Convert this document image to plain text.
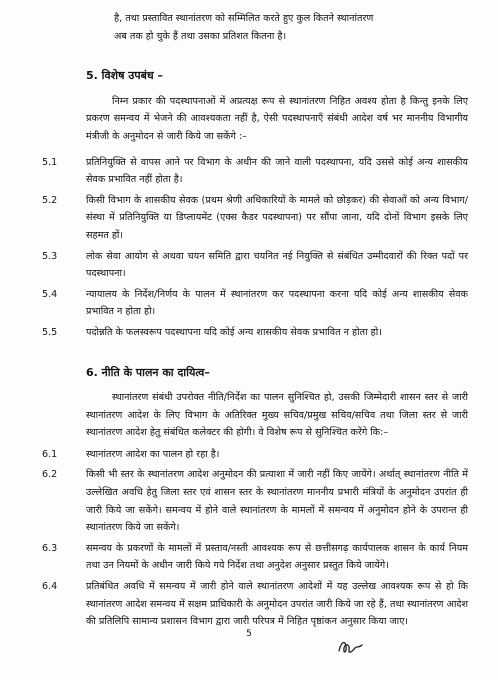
है, तथा प्रस्तावित स्थानांतरण को सम्मिलित करते हुए कुल कितने स्थानांतरण

अब तक हो चुके हैं तथा उसका प्रतिशत कितना है।

5. विशेष उपबंध –

निम्न प्रकार की पदस्थापनाओं में अप्रत्यक्ष रूप से स्थानांतरण निहित अवश्य होता है किन्तु इनके लिए प्रकरण समन्वय में भेजने की आवश्यकता नहीं है, ऐसी पदस्थापनाएँ संबंधी आदेश वर्ष भर माननीय विभागीय मंत्रीजी के अनुमोदन से जारी किये जा सकेंगे :–

5.1	प्रतिनियुक्ति से वापस आने पर विभाग के अधीन की जाने वाली पदस्थापना, यदि उससे कोई अन्य शासकीय सेवक प्रभावित नहीं होता है।
5.2	किसी विभाग के शासकीय सेवक (प्रथम श्रेणी अधिकारियों के मामले को छोड़कर) की सेवाओं को अन्य विभाग/संस्था में प्रतिनियुक्ति या डिप्लायमेंट (एक्स कैडर पदस्थापना) पर सौंपा जाना, यदि दोनों विभाग इसके लिए सहमत हों।
5.3	लोक सेवा आयोग से अथवा चयन समिति द्वारा चयनित नई नियुक्ति से संबंधित उम्मीदवारों की रिक्त पदों पर पदस्थापना।
5.4	न्यायालय के निर्देश/निर्णय के पालन में स्थानांतरण कर पदस्थापना करना यदि कोई अन्य शासकीय सेवक प्रभावित न होता हो।
5.5	पदोन्नति के फलस्वरूप पदस्थापना यदि कोई अन्य शासकीय सेवक प्रभावित न होता हो।
6. नीति के पालन का दायित्व–

स्थानांतरण संबंधी उपरोक्त नीति/निर्देश का पालन सुनिश्चित हो, उसकी जिम्मेदारी शासन स्तर से जारी स्थानांतरण आदेश के लिए विभाग के अतिरिक्त मुख्य सचिव/प्रमुख सचिव/सचिव तथा जिला स्तर से जारी स्थानांतरण आदेश हेतु संबंधित कलेक्टर की होगी। वे विशेष रूप से सुनिश्चित करेंगे कि:–

6.1	स्थानांतरण आदेश का पालन हो रहा है।
6.2	किसी भी स्तर के स्थानांतरण आदेश अनुमोदन की प्रत्याशा में जारी नहीं किए जायेंगे। अर्थात् स्थानांतरण नीति में उल्लेखित अवधि हेतु जिला स्तर एवं शासन स्तर के स्थानांतरण माननीय प्रभारी मंत्रियों के अनुमोदन उपरांत ही जारी किये जा सकेंगे। समन्वय में होने वाले स्थानांतरण के मामलों में समन्वय में अनुमोदन होने के उपरान्त ही स्थानांतरण किये जा सकेंगे।
6.3	समन्वय के प्रकरणों के मामलों में प्रस्ताव/नस्ती आवश्यक रूप से छत्तीसगढ़ कार्यपालक शासन के कार्य नियम तथा उन नियमों के अधीन जारी किये गये निर्देश तथा अनुदेश अनुसार प्रस्तुत किये जायेंगे।
6.4	प्रतिबंधित अवधि में समन्वय में जारी होने वाले स्थानांतरण आदेशों में यह उल्लेख आवश्यक रूप से हो कि स्थानांतरण आदेश समन्वय में सक्षम प्राधिकारी के अनुमोदन उपरांत जारी किये जा रहे हैं, तथा स्थानांतरण आदेश की प्रतिलिपि सामान्य प्रशासन विभाग द्वारा जारी परिपत्र में निहित पृष्ठांकन अनुसार किया जाए।
5
